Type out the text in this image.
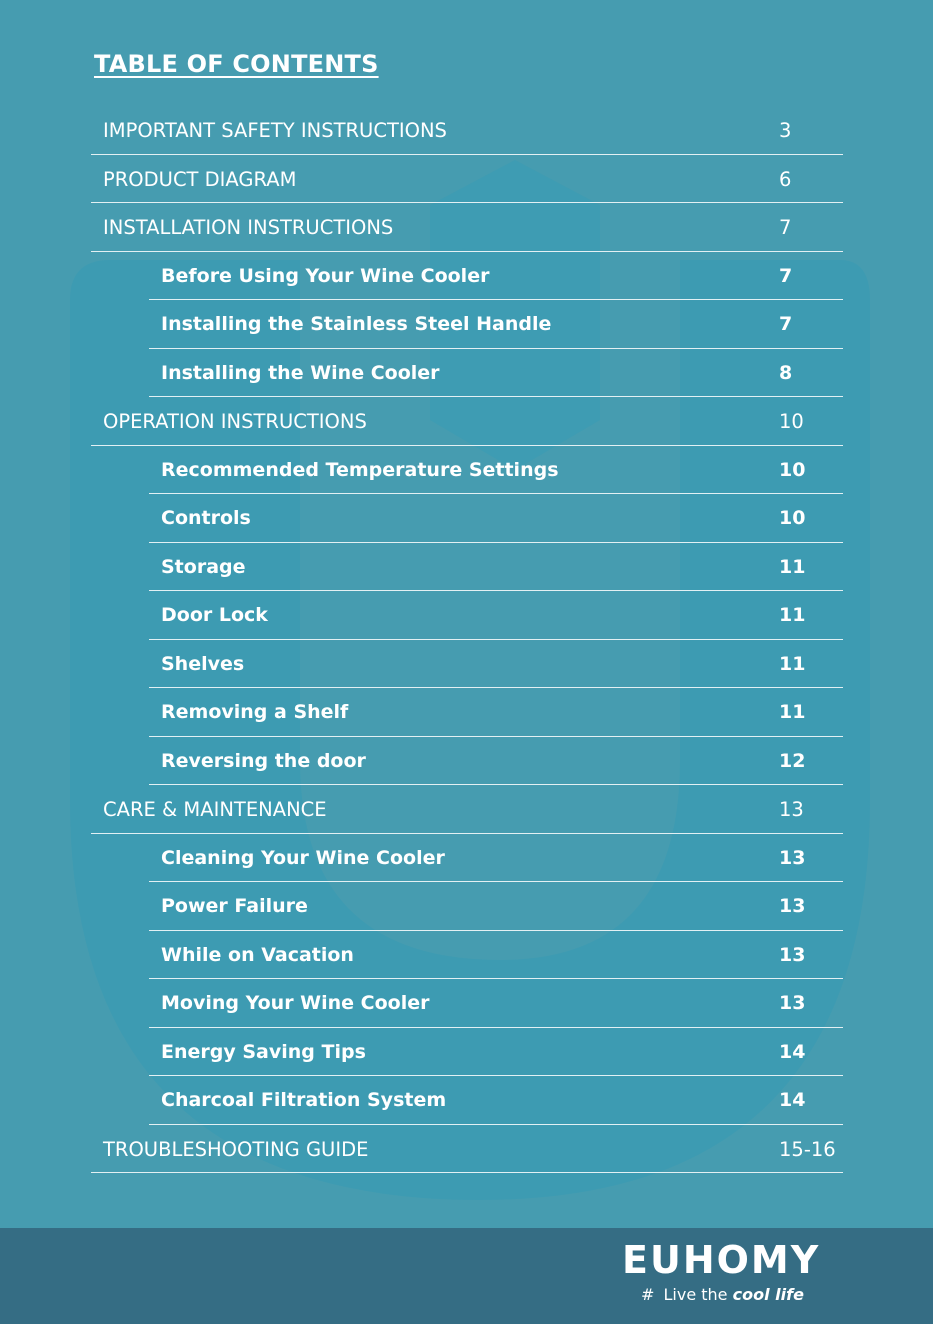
TABLE OF CONTENTS
IMPORTANT SAFETY INSTRUCTIONS	3
PRODUCT DIAGRAM	6
INSTALLATION INSTRUCTIONS	7
Before Using Your Wine Cooler	7
Installing the Stainless Steel Handle	7
Installing the Wine Cooler	8
OPERATION INSTRUCTIONS	10
Recommended Temperature Settings	10
Controls	10
Storage	11
Door Lock	11
Shelves	11
Removing a Shelf	11
Reversing the door	12
CARE & MAINTENANCE	13
Cleaning Your Wine Cooler	13
Power Failure	13
While on Vacation	13
Moving Your Wine Cooler	13
Energy Saving Tips	14
Charcoal Filtration System	14
TROUBLESHOOTING GUIDE	15-16
EUHOMY
# Live the cool life
